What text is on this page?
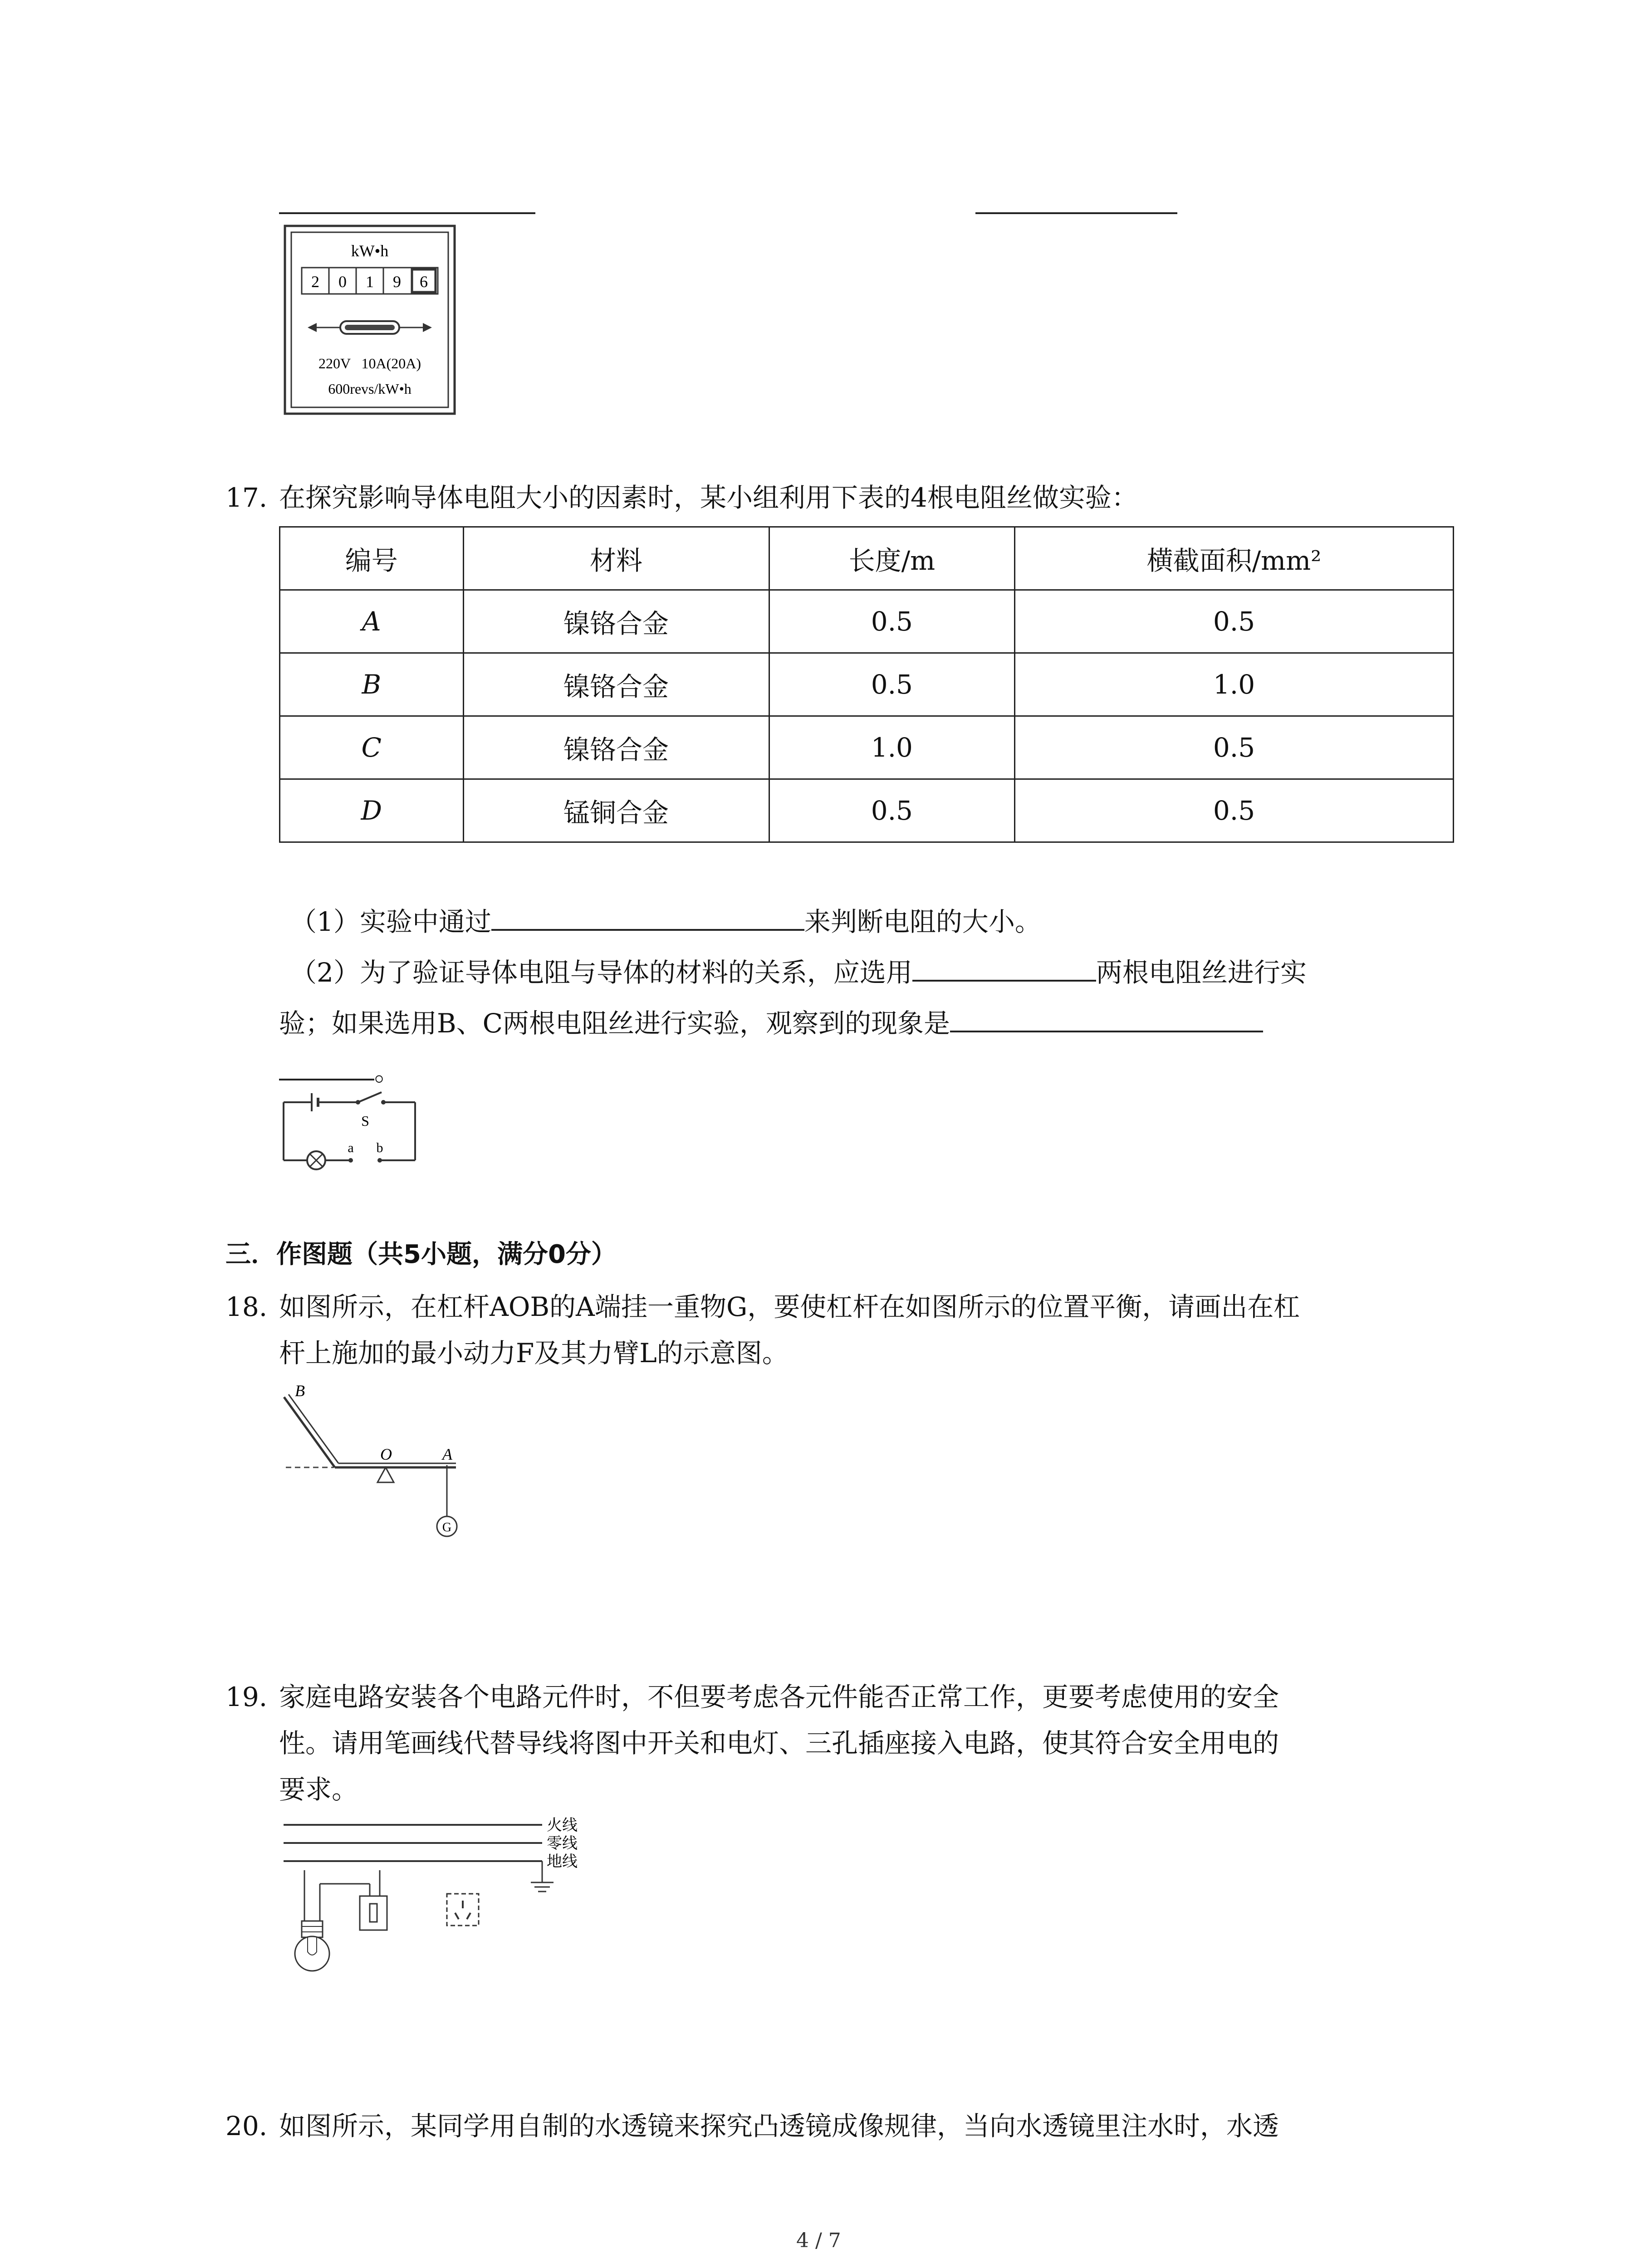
kW•h
2 0 1 9 6
220V   10A(20A)
600revs/kW•h
17. 在探究影响导体电阻大小的因素时，某小组利用下表的4根电阻丝做实验：
编号	材料	长度/m	横截面积/mm²
A	镍铬合金	0.5	0.5
B	镍铬合金	0.5	1.0
C	镍铬合金	1.0	0.5
D	锰铜合金	0.5	0.5
（1）实验中通过	来判断电阻的大小。
（2）为了验证导体电阻与导体的材料的关系，应选用	两根电阻丝进行实
验；如果选用B、C两根电阻丝进行实验，观察到的现象是
。
S
a b
三．作图题（共5小题，满分0分）
18. 如图所示，在杠杆AOB的A端挂一重物G，要使杠杆在如图所示的位置平衡，请画出在杠
杆上施加的最小动力F及其力臂L的示意图。
G
B
O	A
19. 家庭电路安装各个电路元件时，不但要考虑各元件能否正常工作，更要考虑使用的安全
性。请用笔画线代替导线将图中开关和电灯、三孔插座接入电路，使其符合安全用电的
要求。
火线
零线
地线
20. 如图所示，某同学用自制的水透镜来探究凸透镜成像规律，当向水透镜里注水时，水透
4 / 7
